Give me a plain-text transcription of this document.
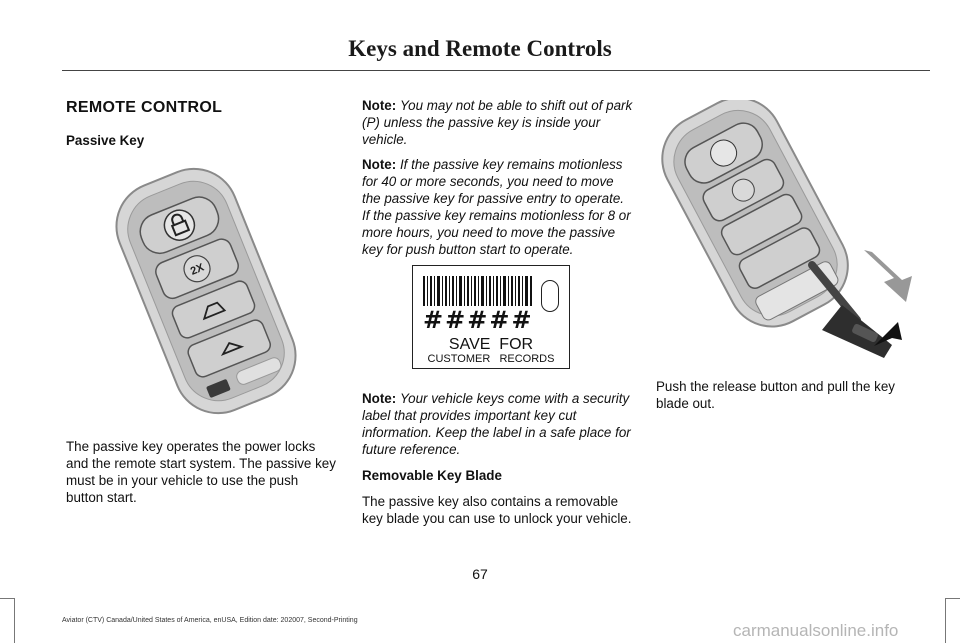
Keys and Remote Controls
REMOTE CONTROL
Passive Key
2X

The passive key operates the power locks and the remote start system. The passive key must be in your vehicle to use the push button start.

Note: You may not be able to shift out of park (P) unless the passive key is inside your vehicle.

Note: If the passive key remains motionless for 40 or more seconds, you need to move the passive key for passive entry to operate. If the passive key remains motionless for 8 or more hours, you need to move the passive key for push button start to operate.

#####
SAVE  FOR
CUSTOMER   RECORDS

Note: Your vehicle keys come with a security label that provides important key cut information. Keep the label in a safe place for future reference.

Removable Key Blade

The passive key also contains a removable key blade you can use to unlock your vehicle.

Push the release button and pull the key blade out.

67
Aviator (CTV) Canada/United States of America, enUSA, Edition date: 202007, Second-Printing
carmanualsonline.info
